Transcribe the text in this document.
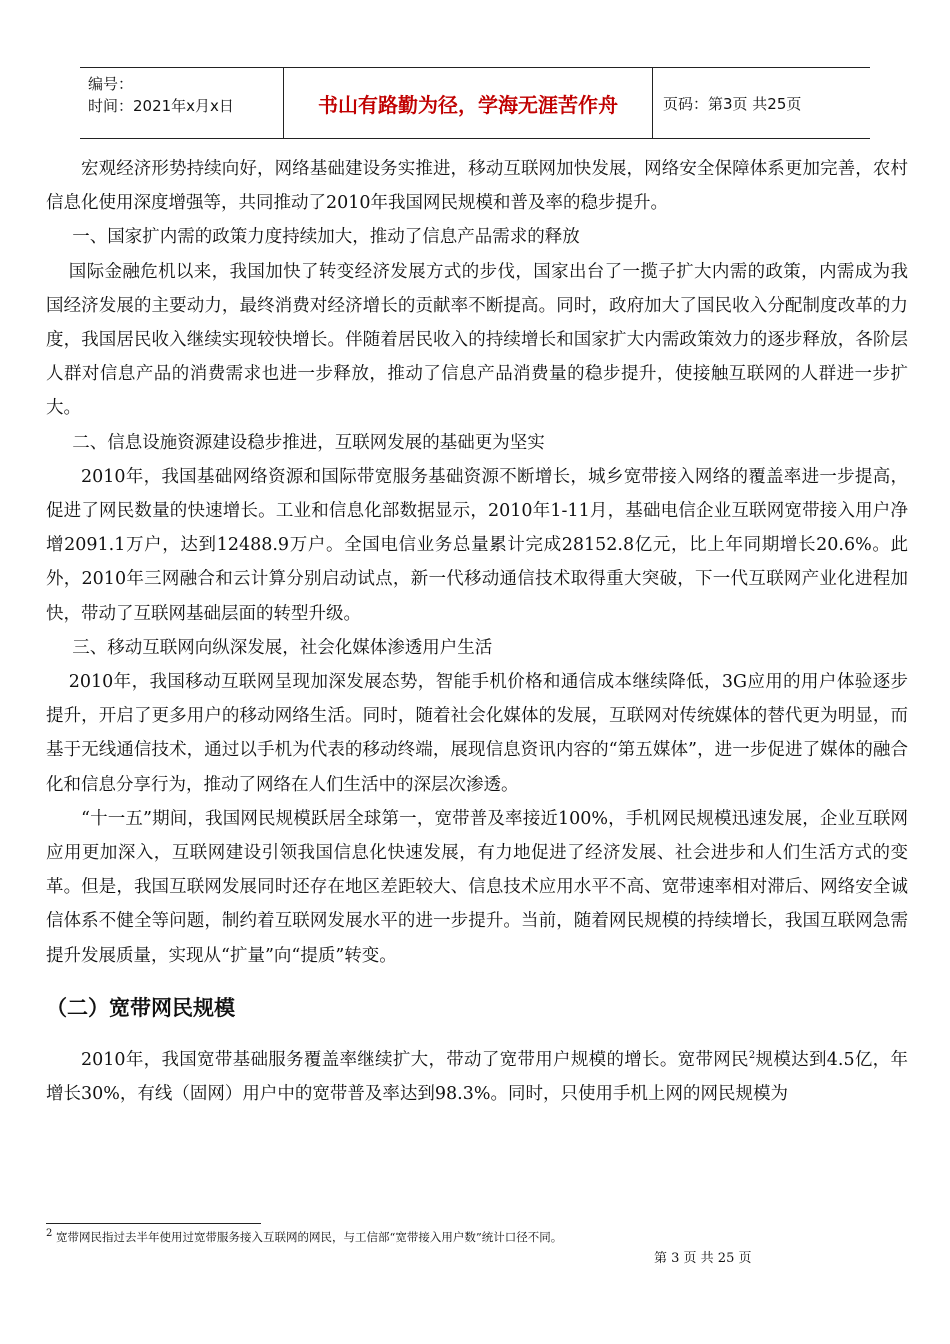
编号：
时间：2021年x月x日	书山有路勤为径，学海无涯苦作舟	页码：第3页 共25页

宏观经济形势持续向好，网络基础建设务实推进，移动互联网加快发展，网络安全保障体系更加完善，农村信息化使用深度增强等，共同推动了2010年我国网民规模和普及率的稳步提升。

一、国家扩内需的政策力度持续加大，推动了信息产品需求的释放

国际金融危机以来，我国加快了转变经济发展方式的步伐，国家出台了一揽子扩大内需的政策，内需成为我国经济发展的主要动力，最终消费对经济增长的贡献率不断提高。同时，政府加大了国民收入分配制度改革的力度，我国居民收入继续实现较快增长。伴随着居民收入的持续增长和国家扩大内需政策效力的逐步释放，各阶层人群对信息产品的消费需求也进一步释放，推动了信息产品消费量的稳步提升，使接触互联网的人群进一步扩大。

二、信息设施资源建设稳步推进，互联网发展的基础更为坚实

2010年，我国基础网络资源和国际带宽服务基础资源不断增长，城乡宽带接入网络的覆盖率进一步提高，促进了网民数量的快速增长。工业和信息化部数据显示，2010年1-11月，基础电信企业互联网宽带接入用户净增2091.1万户，达到12488.9万户。全国电信业务总量累计完成28152.8亿元，比上年同期增长20.6%。此外，2010年三网融合和云计算分别启动试点，新一代移动通信技术取得重大突破，下一代互联网产业化进程加快，带动了互联网基础层面的转型升级。

三、移动互联网向纵深发展，社会化媒体渗透用户生活

2010年，我国移动互联网呈现加深发展态势，智能手机价格和通信成本继续降低，3G应用的用户体验逐步提升，开启了更多用户的移动网络生活。同时，随着社会化媒体的发展，互联网对传统媒体的替代更为明显，而基于无线通信技术，通过以手机为代表的移动终端，展现信息资讯内容的“第五媒体”，进一步促进了媒体的融合化和信息分享行为，推动了网络在人们生活中的深层次渗透。

“十一五”期间，我国网民规模跃居全球第一，宽带普及率接近100%，手机网民规模迅速发展，企业互联网应用更加深入，互联网建设引领我国信息化快速发展，有力地促进了经济发展、社会进步和人们生活方式的变革。但是，我国互联网发展同时还存在地区差距较大、信息技术应用水平不高、宽带速率相对滞后、网络安全诚信体系不健全等问题，制约着互联网发展水平的进一步提升。当前，随着网民规模的持续增长，我国互联网急需提升发展质量，实现从“扩量”向“提质”转变。

（二）宽带网民规模

2010年，我国宽带基础服务覆盖率继续扩大，带动了宽带用户规模的增长。宽带网民$^2$规模达到4.5亿，年增长30%，有线（固网）用户中的宽带普及率达到98.3%。同时，只使用手机上网的网民规模为

$^2$ 宽带网民指过去半年使用过宽带服务接入互联网的网民，与工信部“宽带接入用户数”统计口径不同。
第 3 页 共 25 页
